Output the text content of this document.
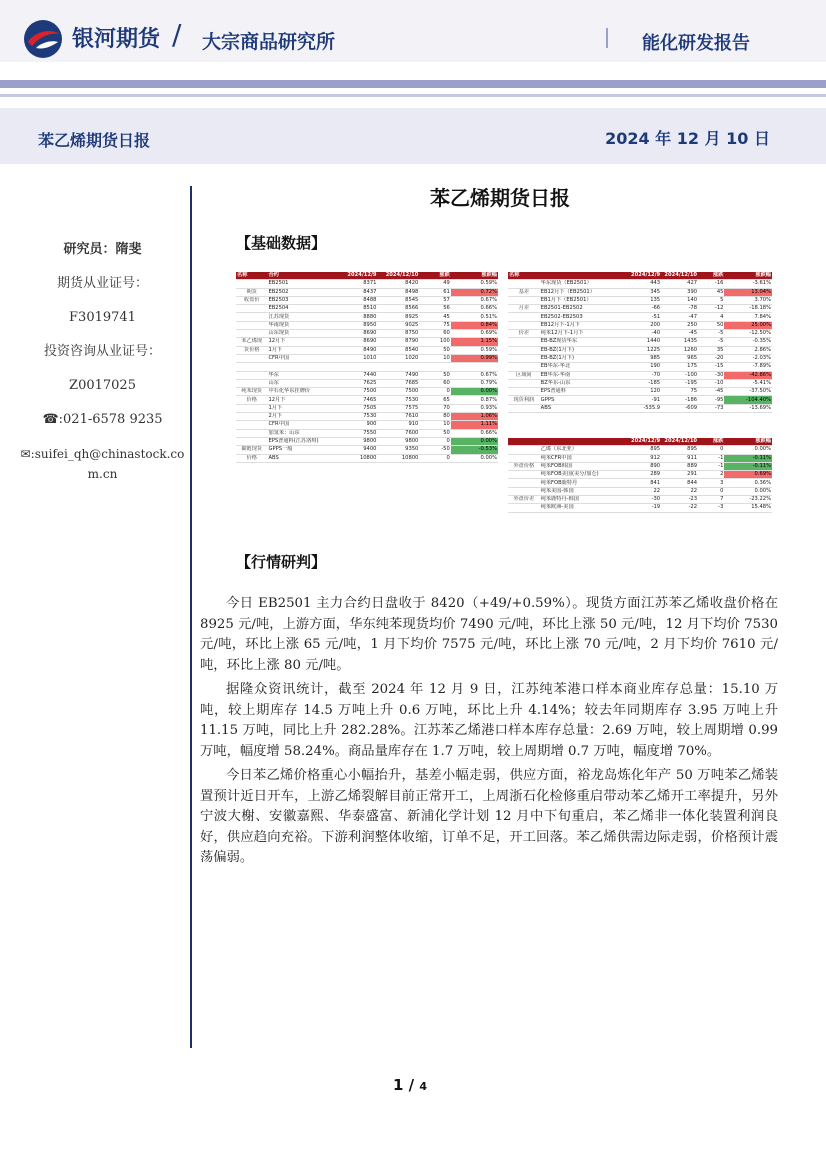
银河期货 / 大宗商品研究所	能化研发报告
苯乙烯期货日报	2024 年 12 月 10 日
研究员：隋斐
期货从业证号：
F3019741
投资咨询从业证号：
Z0017025
☎:021-6578 9235
✉:suifei_qh@chinastock.com.cn
苯乙烯期货日报
【基础数据】
名称	合约	2024/12/9	2024/12/10	涨跌	涨跌幅
	EB2501	8371	8420	49	0.59%
期货	EB2502	8437	8498	61	0.72%
收盘价	EB2503	8488	8545	57	0.67%
	EB2504	8510	8566	56	0.66%
	江苏现货	8880	8925	45	0.51%
	华南现货	8950	9025	75	0.84%
	山东现货	8690	8750	60	0.69%
苯乙烯现	12月下	8690	8790	100	1.15%
货价格	1月下	8490	8540	50	0.59%
	CFR中国	1010	1020	10	0.99%

	华东	7440	7490	50	0.67%
	山东	7625	7685	60	0.79%
纯苯现货	中石化华东挂牌价	7500	7500	0	0.00%
价格	12月下	7465	7530	65	0.87%
	1月下	7505	7575	70	0.93%
	2月下	7530	7610	80	1.06%
	CFR中国	900	910	10	1.11%
	加氢苯：山东	7550	7600	50	0.66%
	EPS普通料(江苏洛琪)	9800	9800	0	0.00%
碳链现货	GPPS一般	9400	9350	-50	-0.53%
价格	ABS	10800	10800	0	0.00%
名称		2024/12/9	2024/12/10	涨跌	涨跌幅
	华东现货（EB2501）	443	427	-16	-3.61%
基差	EB12月下（EB2501）	345	390	45	13.04%
	EB1月下（EB2501）	135	140	5	3.70%
月差	EB2501-EB2502	-66	-78	-12	-18.18%
	EB2502-EB2503	-51	-47	4	7.84%
	EB12月下-1月下	200	250	50	25.00%
价差	纯苯12月下-1月下	-40	-45	-5	-12.50%
	EB-BZ现货华东	1440	1435	-5	-0.35%
	EB-BZ(1月下)	1225	1260	35	2.86%
	EB-BZ(1月下)	985	965	-20	-2.03%
	EB华东-华北	190	175	-15	-7.89%
区域间	EB华东-华南	-70	-100	-30	-42.86%
	BZ华东-山东	-185	-195	-10	-5.41%
	EPS普通料	120	75	-45	-37.50%
现货利润	GPPS	-91	-186	-95	-104.40%
	ABS	-535.9	-609	-73	-13.69%
		2024/12/9	2024/12/10	涨跌	涨跌幅
	乙烯（东北亚）	895	895	0	0.00%
	纯苯CFR中国	912	911	-1	-0.11%
外盘价格	纯苯FOB韩国	890	889	-1	-0.11%
	纯苯FOB美国(美分/加仑)	289	291	2	0.69%
	纯苯FOB鹿特丹	841	844	3	0.36%
	纯苯美国-韩国	22	22	0	0.00%
外盘价差	纯苯鹿特丹-韩国	-30	-23	7	-23.22%
	纯苯欧洲-美国	-19	-22	-3	15.48%
【行情研判】

今日 EB2501 主力合约日盘收于 8420（+49/+0.59%）。现货方面江苏苯乙烯收盘价格在 8925 元/吨，上游方面，华东纯苯现货均价 7490 元/吨，环比上涨 50 元/吨，12 月下均价 7530 元/吨，环比上涨 65 元/吨，1 月下均价 7575 元/吨，环比上涨 70 元/吨，2 月下均价 7610 元/吨，环比上涨 80 元/吨。

据隆众资讯统计，截至 2024 年 12 月 9 日，江苏纯苯港口样本商业库存总量：15.10 万吨，较上期库存 14.5 万吨上升 0.6 万吨，环比上升 4.14%；较去年同期库存 3.95 万吨上升 11.15 万吨，同比上升 282.28%。江苏苯乙烯港口样本库存总量：2.69 万吨，较上周期增 0.99 万吨，幅度增 58.24%。商品量库存在 1.7 万吨，较上周期增 0.7 万吨，幅度增 70%。

今日苯乙烯价格重心小幅抬升，基差小幅走弱，供应方面，裕龙岛炼化年产 50 万吨苯乙烯装置预计近日开车，上游乙烯裂解目前正常开工，上周浙石化检修重启带动苯乙烯开工率提升，另外宁波大榭、安徽嘉熙、华泰盛富、新浦化学计划 12 月中下旬重启，苯乙烯非一体化装置利润良好，供应趋向充裕。下游利润整体收缩，订单不足，开工回落。苯乙烯供需边际走弱，价格预计震荡偏弱。

1 / 4
